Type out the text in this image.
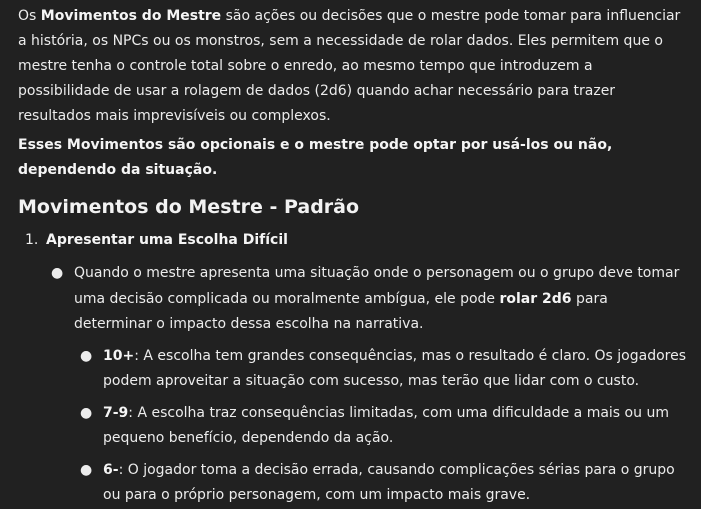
Os Movimentos do Mestre são ações ou decisões que o mestre pode tomar para influenciar a história, os NPCs ou os monstros, sem a necessidade de rolar dados. Eles permitem que o mestre tenha o controle total sobre o enredo, ao mesmo tempo que introduzem a possibilidade de usar a rolagem de dados (2d6) quando achar necessário para trazer resultados mais imprevisíveis ou complexos.

Esses Movimentos são opcionais e o mestre pode optar por usá-los ou não, dependendo da situação.

Movimentos do Mestre - Padrão
1. Apresentar uma Escolha Difícil
● Quando o mestre apresenta uma situação onde o personagem ou o grupo deve tomar uma decisão complicada ou moralmente ambígua, ele pode rolar 2d6 para determinar o impacto dessa escolha na narrativa.
● 10+: A escolha tem grandes consequências, mas o resultado é claro. Os jogadores podem aproveitar a situação com sucesso, mas terão que lidar com o custo.
● 7-9: A escolha traz consequências limitadas, com uma dificuldade a mais ou um pequeno benefício, dependendo da ação.
● 6-: O jogador toma a decisão errada, causando complicações sérias para o grupo ou para o próprio personagem, com um impacto mais grave.
